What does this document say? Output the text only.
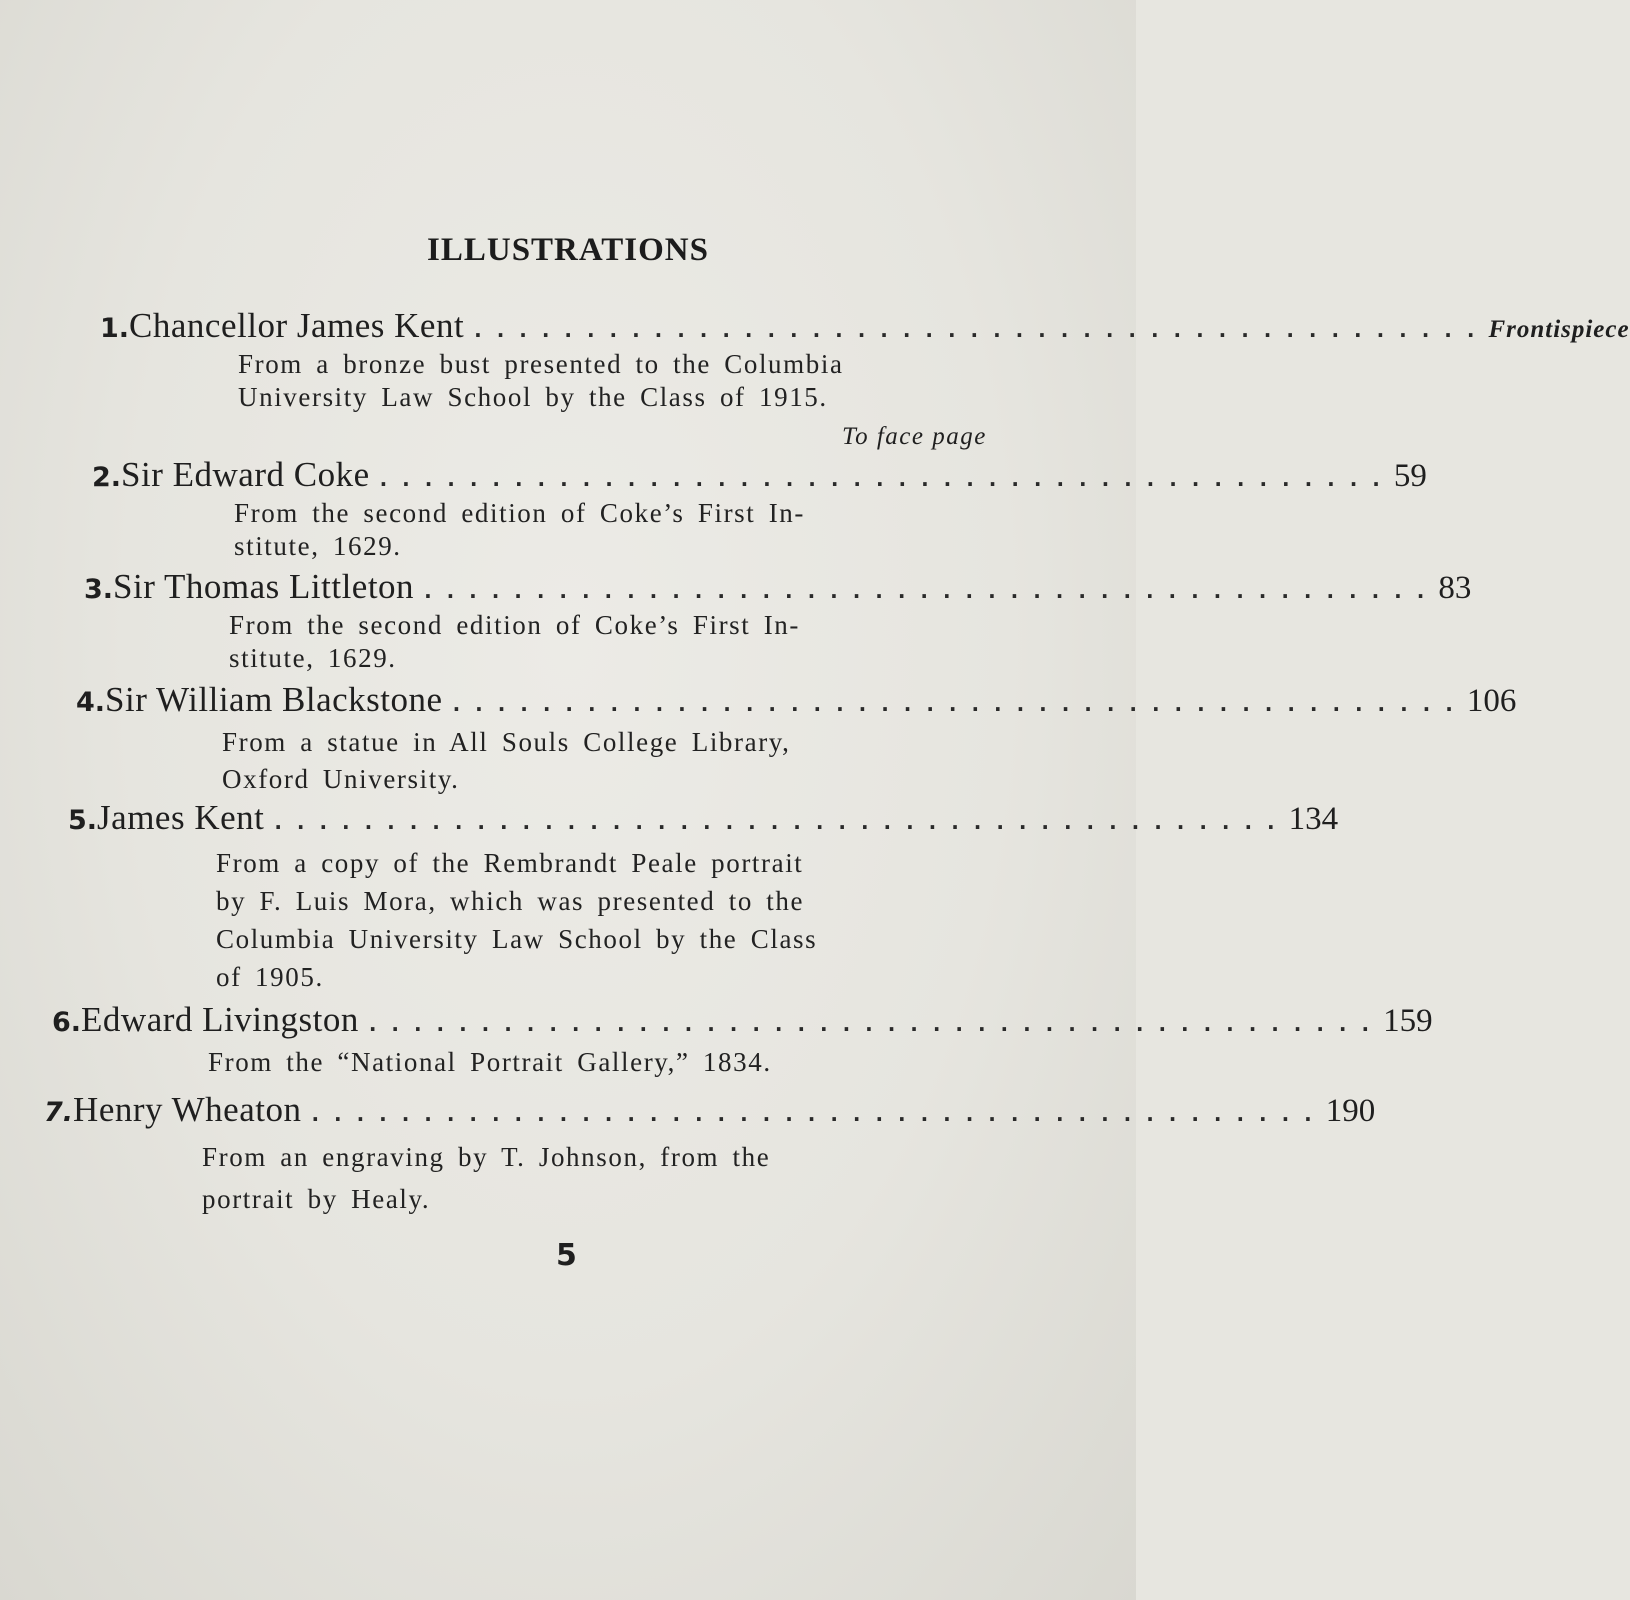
ILLUSTRATIONS
1. Chancellor James Kent . . . . . . . . . . . . . . . . . . . . . . . . . . . . . . . . . . . . . . . . . . . . . Frontispiece
From a bronze bust presented to the Columbia
University Law School by the Class of 1915.
To face page
2. Sir Edward Coke . . . . . . . . . . . . . . . . . . . . . . . . . . . . . . . . . . . . . . . . . . . . . 59
From the second edition of Coke’s First In-
stitute, 1629.
3. Sir Thomas Littleton . . . . . . . . . . . . . . . . . . . . . . . . . . . . . . . . . . . . . . . . . . . . . 83
From the second edition of Coke’s First In-
stitute, 1629.
4. Sir William Blackstone . . . . . . . . . . . . . . . . . . . . . . . . . . . . . . . . . . . . . . . . . . . . . 106
From a statue in All Souls College Library,
Oxford University.
5. James Kent . . . . . . . . . . . . . . . . . . . . . . . . . . . . . . . . . . . . . . . . . . . . . 134
From a copy of the Rembrandt Peale portrait
by F. Luis Mora, which was presented to the
Columbia University Law School by the Class
of 1905.
6. Edward Livingston . . . . . . . . . . . . . . . . . . . . . . . . . . . . . . . . . . . . . . . . . . . . . 159
From the “National Portrait Gallery,” 1834.
7. Henry Wheaton . . . . . . . . . . . . . . . . . . . . . . . . . . . . . . . . . . . . . . . . . . . . . 190
From an engraving by T. Johnson, from the
portrait by Healy.
5
